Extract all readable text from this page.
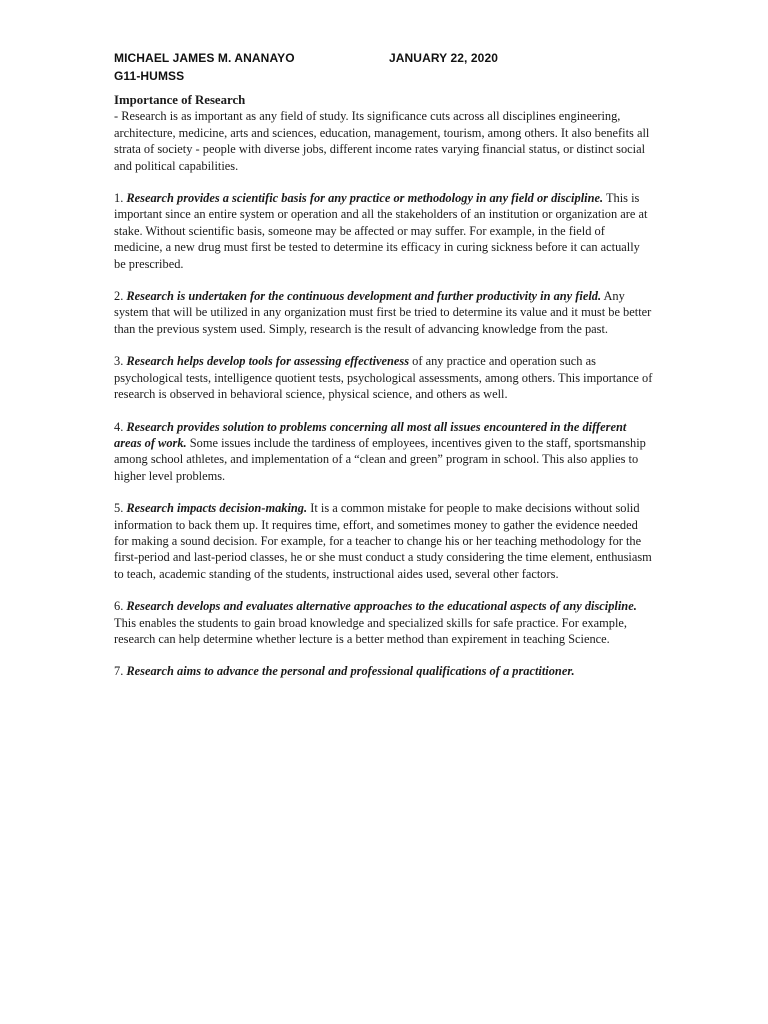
MICHAEL JAMES M. ANANAYO	JANUARY 22, 2020
G11-HUMSS

Importance of Research

- Research is as important as any field of study. Its significance cuts across all disciplines engineering, architecture, medicine, arts and sciences, education, management, tourism, among others. It also benefits all strata of society - people with diverse jobs, different income rates varying financial status, or distinct social and political capabilities.

1. Research provides a scientific basis for any practice or methodology in any field or discipline. This is important since an entire system or operation and all the stakeholders of an institution or organization are at stake. Without scientific basis, someone may be affected or may suffer. For example, in the field of medicine, a new drug must first be tested to determine its efficacy in curing sickness before it can actually be prescribed.

2. Research is undertaken for the continuous development and further productivity in any field. Any system that will be utilized in any organization must first be tried to determine its value and it must be better than the previous system used. Simply, research is the result of advancing knowledge from the past.

3. Research helps develop tools for assessing effectiveness of any practice and operation such as psychological tests, intelligence quotient tests, psychological assessments, among others. This importance of research is observed in behavioral science, physical science, and others as well.

4. Research provides solution to problems concerning all most all issues encountered in the different areas of work. Some issues include the tardiness of employees, incentives given to the staff, sportsmanship among school athletes, and implementation of a “clean and green” program in school. This also applies to higher level problems.

5. Research impacts decision-making. It is a common mistake for people to make decisions without solid information to back them up. It requires time, effort, and sometimes money to gather the evidence needed for making a sound decision. For example, for a teacher to change his or her teaching methodology for the first-period and last-period classes, he or she must conduct a study considering the time element, enthusiasm to teach, academic standing of the students, instructional aides used, several other factors.

6. Research develops and evaluates alternative approaches to the educational aspects of any discipline. This enables the students to gain broad knowledge and specialized skills for safe practice. For example, research can help determine whether lecture is a better method than expirement in teaching Science.

7. Research aims to advance the personal and professional qualifications of a practitioner.
